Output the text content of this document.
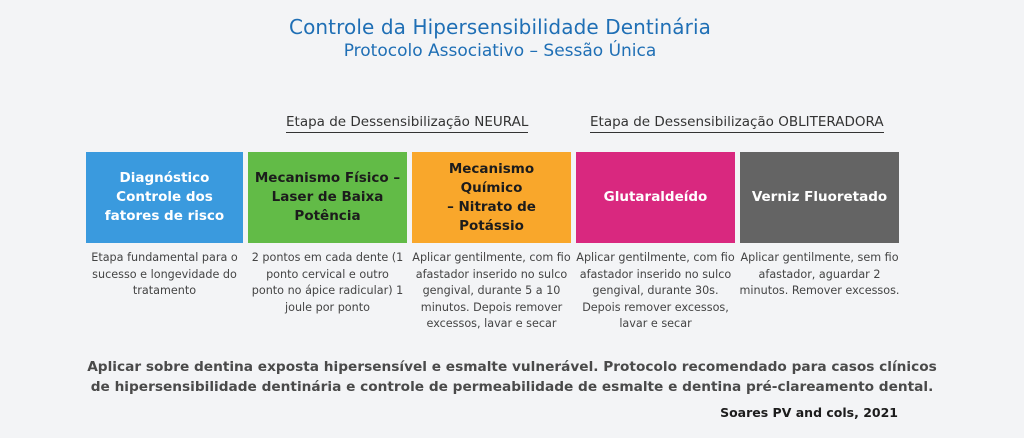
Controle da Hipersensibilidade Dentinária
Protocolo Associativo – Sessão Única
Etapa de Dessensibilização NEURAL	Etapa de Dessensibilização OBLITERADORA
Diagnóstico
Controle dos
fatores de risco
Etapa fundamental para o
sucesso e longevidade do
tratamento
Mecanismo Físico –
Laser de Baixa
Potência
2 pontos em cada dente (1
ponto cervical e outro
ponto no ápice radicular) 1
joule por ponto
Mecanismo Químico
– Nitrato de Potássio
Aplicar gentilmente, com fio
afastador inserido no sulco
gengival, durante 5 a 10
minutos. Depois remover
excessos, lavar e secar
Glutaraldeído
Aplicar gentilmente, com fio
afastador inserido no sulco
gengival, durante 30s.
Depois remover excessos,
lavar e secar
Verniz Fluoretado
Aplicar gentilmente, sem fio
afastador, aguardar 2
minutos. Remover excessos.
Aplicar sobre dentina exposta hipersensível e esmalte vulnerável. Protocolo recomendado para casos clínicos
de hipersensibilidade dentinária e controle de permeabilidade de esmalte e dentina pré-clareamento dental.
Soares PV and cols, 2021
